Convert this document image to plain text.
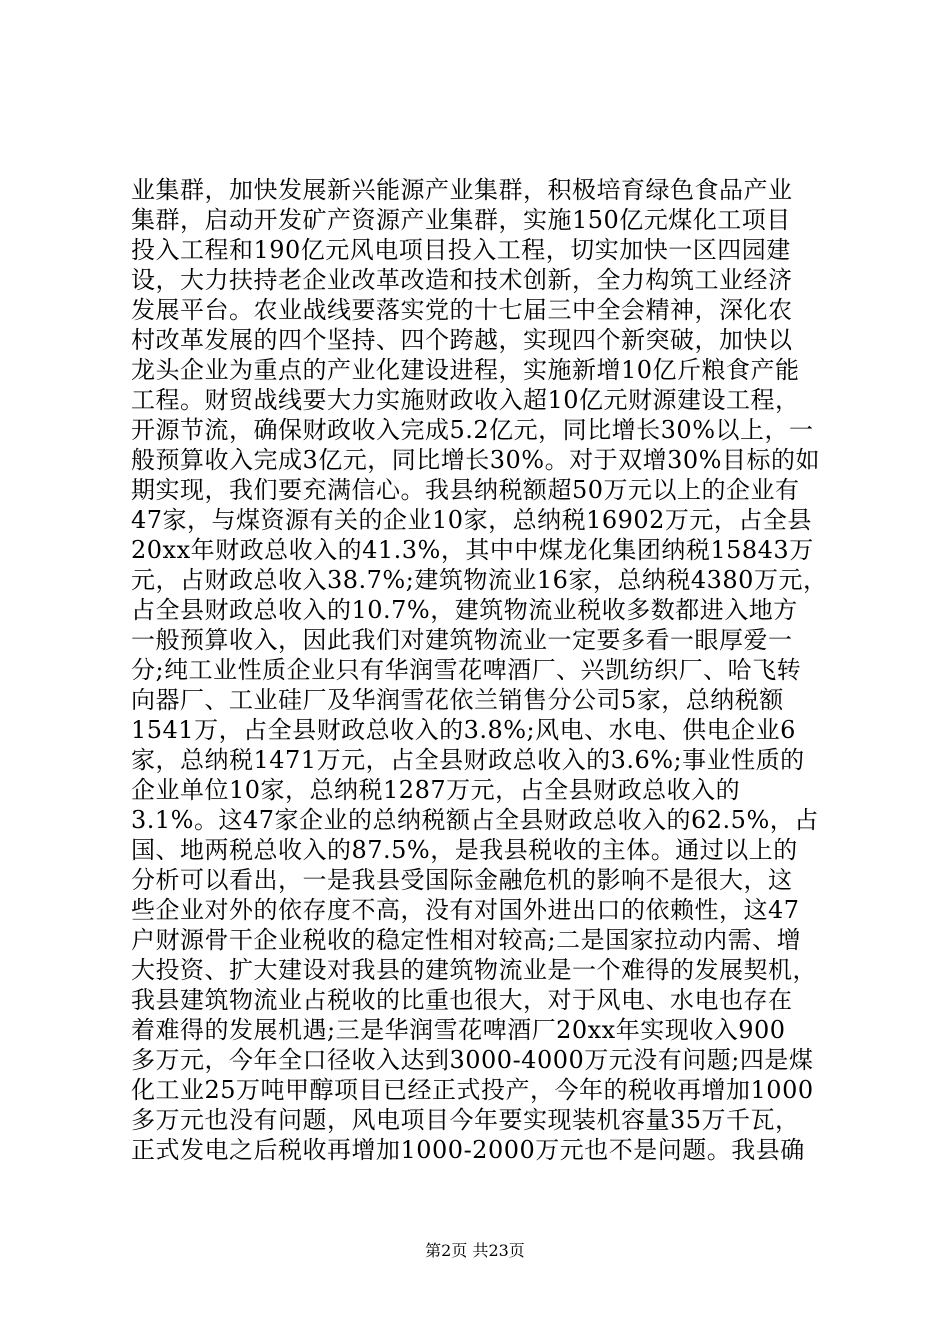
业集群，加快发展新兴能源产业集群，积极培育绿色食品产业
集群，启动开发矿产资源产业集群，实施150亿元煤化工项目
投入工程和190亿元风电项目投入工程，切实加快一区四园建
设，大力扶持老企业改革改造和技术创新，全力构筑工业经济
发展平台。农业战线要落实党的十七届三中全会精神，深化农
村改革发展的四个坚持、四个跨越，实现四个新突破，加快以
龙头企业为重点的产业化建设进程，实施新增10亿斤粮食产能
工程。财贸战线要大力实施财政收入超10亿元财源建设工程，
开源节流，确保财政收入完成5.2亿元，同比增长30%以上，一
般预算收入完成3亿元，同比增长30%。对于双增30%目标的如
期实现，我们要充满信心。我县纳税额超50万元以上的企业有
47家，与煤资源有关的企业10家，总纳税16902万元，占全县
20xx年财政总收入的41.3%，其中中煤龙化集团纳税15843万
元，占财政总收入38.7%;建筑物流业16家，总纳税4380万元，
占全县财政总收入的10.7%，建筑物流业税收多数都进入地方
一般预算收入，因此我们对建筑物流业一定要多看一眼厚爱一
分;纯工业性质企业只有华润雪花啤酒厂、兴凯纺织厂、哈飞转
向器厂、工业硅厂及华润雪花依兰销售分公司5家，总纳税额
1541万，占全县财政总收入的3.8%;风电、水电、供电企业6
家，总纳税1471万元，占全县财政总收入的3.6%;事业性质的
企业单位10家，总纳税1287万元，占全县财政总收入的
3.1%。这47家企业的总纳税额占全县财政总收入的62.5%，占
国、地两税总收入的87.5%，是我县税收的主体。通过以上的
分析可以看出，一是我县受国际金融危机的影响不是很大，这
些企业对外的依存度不高，没有对国外进出口的依赖性，这47
户财源骨干企业税收的稳定性相对较高;二是国家拉动内需、增
大投资、扩大建设对我县的建筑物流业是一个难得的发展契机，
我县建筑物流业占税收的比重也很大，对于风电、水电也存在
着难得的发展机遇;三是华润雪花啤酒厂20xx年实现收入900
多万元，今年全口径收入达到3000-4000万元没有问题;四是煤
化工业25万吨甲醇项目已经正式投产，今年的税收再增加1000
多万元也没有问题，风电项目今年要实现装机容量35万千瓦，
正式发电之后税收再增加1000-2000万元也不是问题。我县确
第2页 共23页
